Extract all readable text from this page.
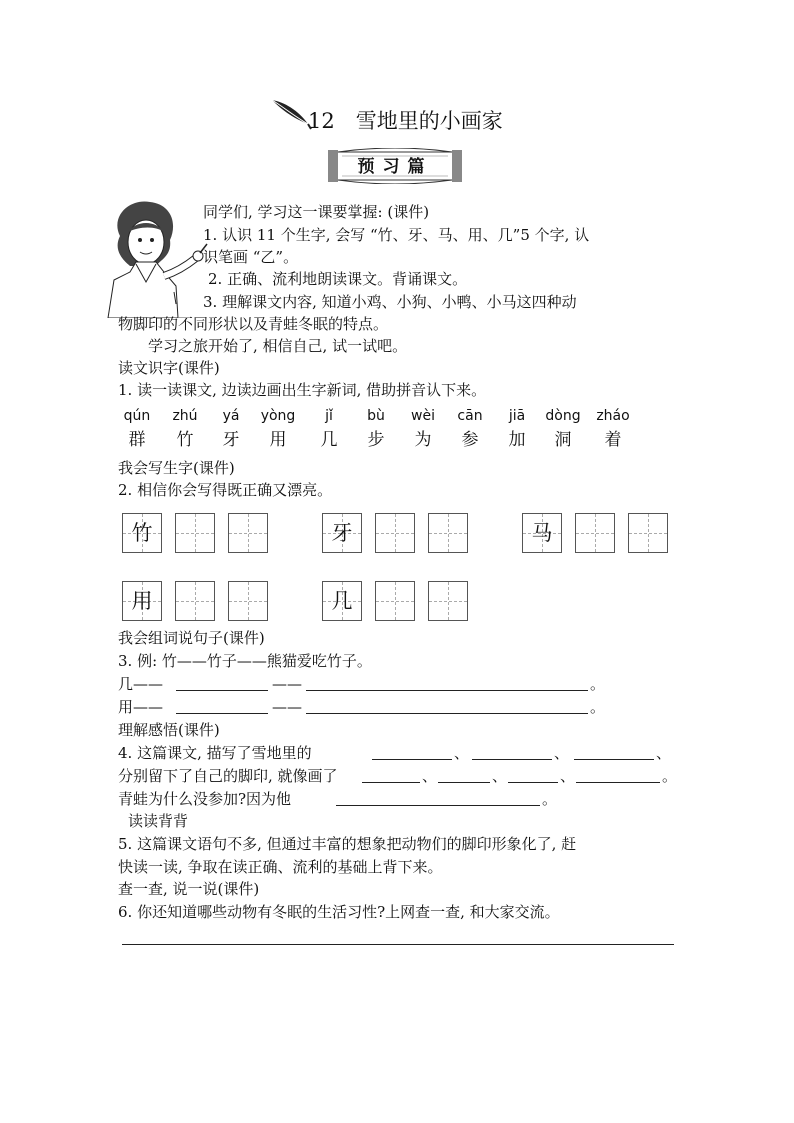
12　雪地里的小画家
预习篇
同学们, 学习这一课要掌握: (课件)
1. 认识 11 个生字, 会写 “竹、牙、马、用、几”5 个字, 认
识笔画 “乙”。
2. 正确、流利地朗读课文。背诵课文。
3. 理解课文内容, 知道小鸡、小狗、小鸭、小马这四种动
物脚印的不同形状以及青蛙冬眠的特点。
学习之旅开始了, 相信自己, 试一试吧。
读文识字(课件)
1. 读一读课文, 边读边画出生字新词, 借助拼音认下来。
qún	zhú	yá	yòng	jǐ	bù	wèi	cān	jiā	dòng	zháo
群	竹	牙	用	几	步	为	参	加	洞	着
我会写生字(课件)
2. 相信你会写得既正确又漂亮。
竹	牙	马
用	几
我会组词说句子(课件)
3. 例: 竹——竹子——熊猫爱吃竹子。
几——	——	。
用——	——	。
理解感悟(课件)
4. 这篇课文, 描写了雪地里的	、	、	、
分别留下了自己的脚印, 就像画了	、	、	、	。
青蛙为什么没参加?因为他	。
读读背背
5. 这篇课文语句不多, 但通过丰富的想象把动物们的脚印形象化了, 赶
快读一读, 争取在读正确、流利的基础上背下来。
查一查, 说一说(课件)
6. 你还知道哪些动物有冬眠的生活习性?上网查一查, 和大家交流。
